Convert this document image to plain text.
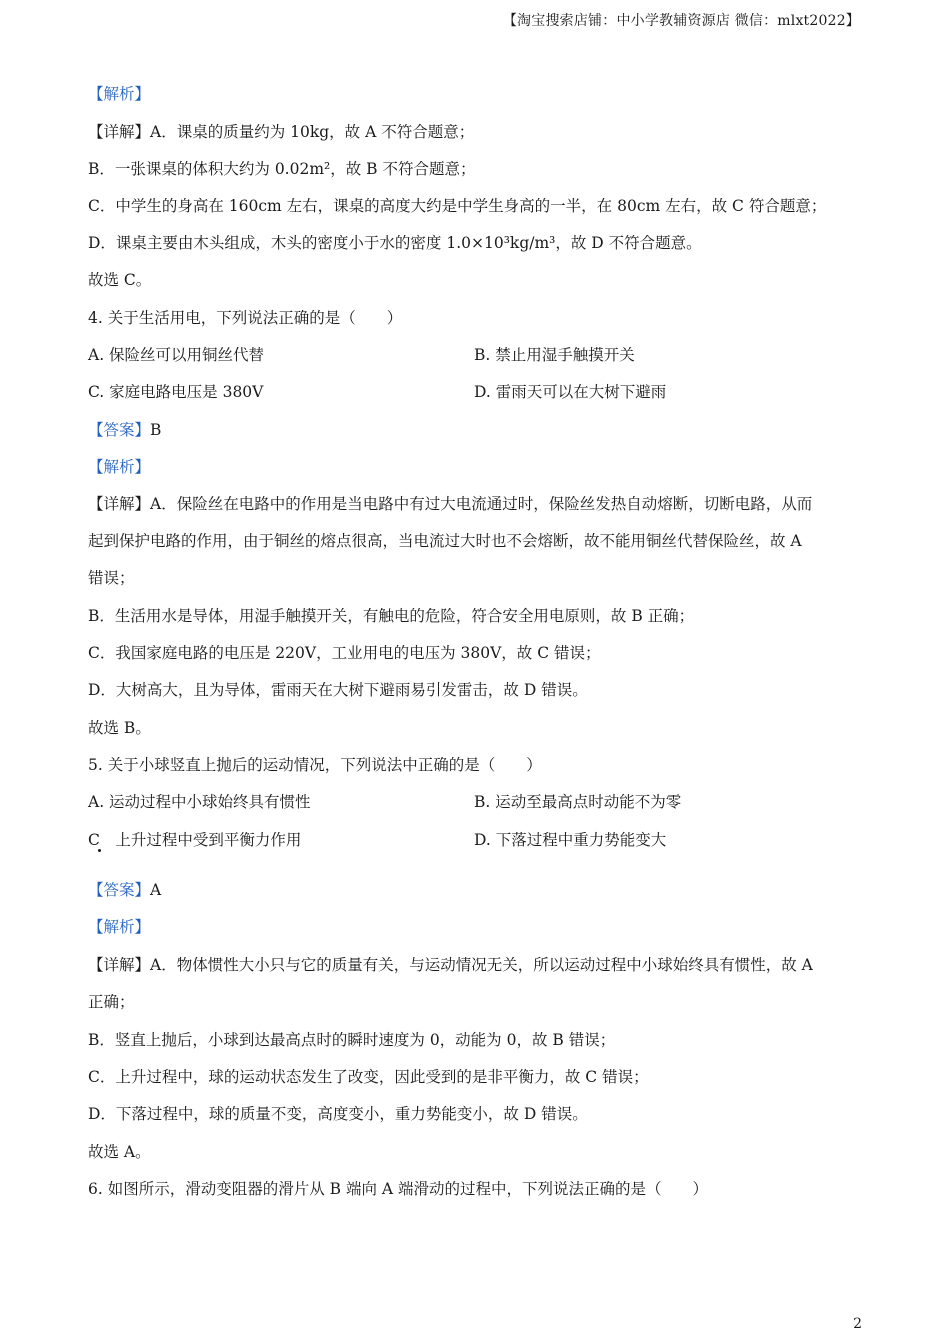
【淘宝搜索店铺：中小学教辅资源店 微信：mlxt2022】
【解析】
【详解】A．课桌的质量约为 10kg，故 A 不符合题意；
B．一张课桌的体积大约为 0.02m²，故 B 不符合题意；
C．中学生的身高在 160cm 左右，课桌的高度大约是中学生身高的一半，在 80cm 左右，故 C 符合题意；
D．课桌主要由木头组成，木头的密度小于水的密度 1.0×10³kg/m³，故 D 不符合题意。
故选 C。
4. 关于生活用电，下列说法正确的是（　　）
A. 保险丝可以用铜丝代替	B. 禁止用湿手触摸开关
C. 家庭电路电压是 380V	D. 雷雨天可以在大树下避雨
【答案】B
【解析】
【详解】A．保险丝在电路中的作用是当电路中有过大电流通过时，保险丝发热自动熔断，切断电路，从而
起到保护电路的作用，由于铜丝的熔点很高，当电流过大时也不会熔断，故不能用铜丝代替保险丝，故 A
错误；
B．生活用水是导体，用湿手触摸开关，有触电的危险，符合安全用电原则，故 B 正确；
C．我国家庭电路的电压是 220V，工业用电的电压为 380V，故 C 错误；
D．大树高大，且为导体，雷雨天在大树下避雨易引发雷击，故 D 错误。
故选 B。
5. 关于小球竖直上抛后的运动情况，下列说法中正确的是（　　）
A. 运动过程中小球始终具有惯性	B. 运动至最高点时动能不为零
C　上升过程中受到平衡力作用	D. 下落过程中重力势能变大
【答案】A
【解析】
【详解】A．物体惯性大小只与它的质量有关，与运动情况无关，所以运动过程中小球始终具有惯性，故 A
正确；
B．竖直上抛后，小球到达最高点时的瞬时速度为 0，动能为 0，故 B 错误；
C．上升过程中，球的运动状态发生了改变，因此受到的是非平衡力，故 C 错误；
D．下落过程中，球的质量不变，高度变小，重力势能变小，故 D 错误。
故选 A。
6. 如图所示，滑动变阻器的滑片从 B 端向 A 端滑动的过程中，下列说法正确的是（　　）
2
